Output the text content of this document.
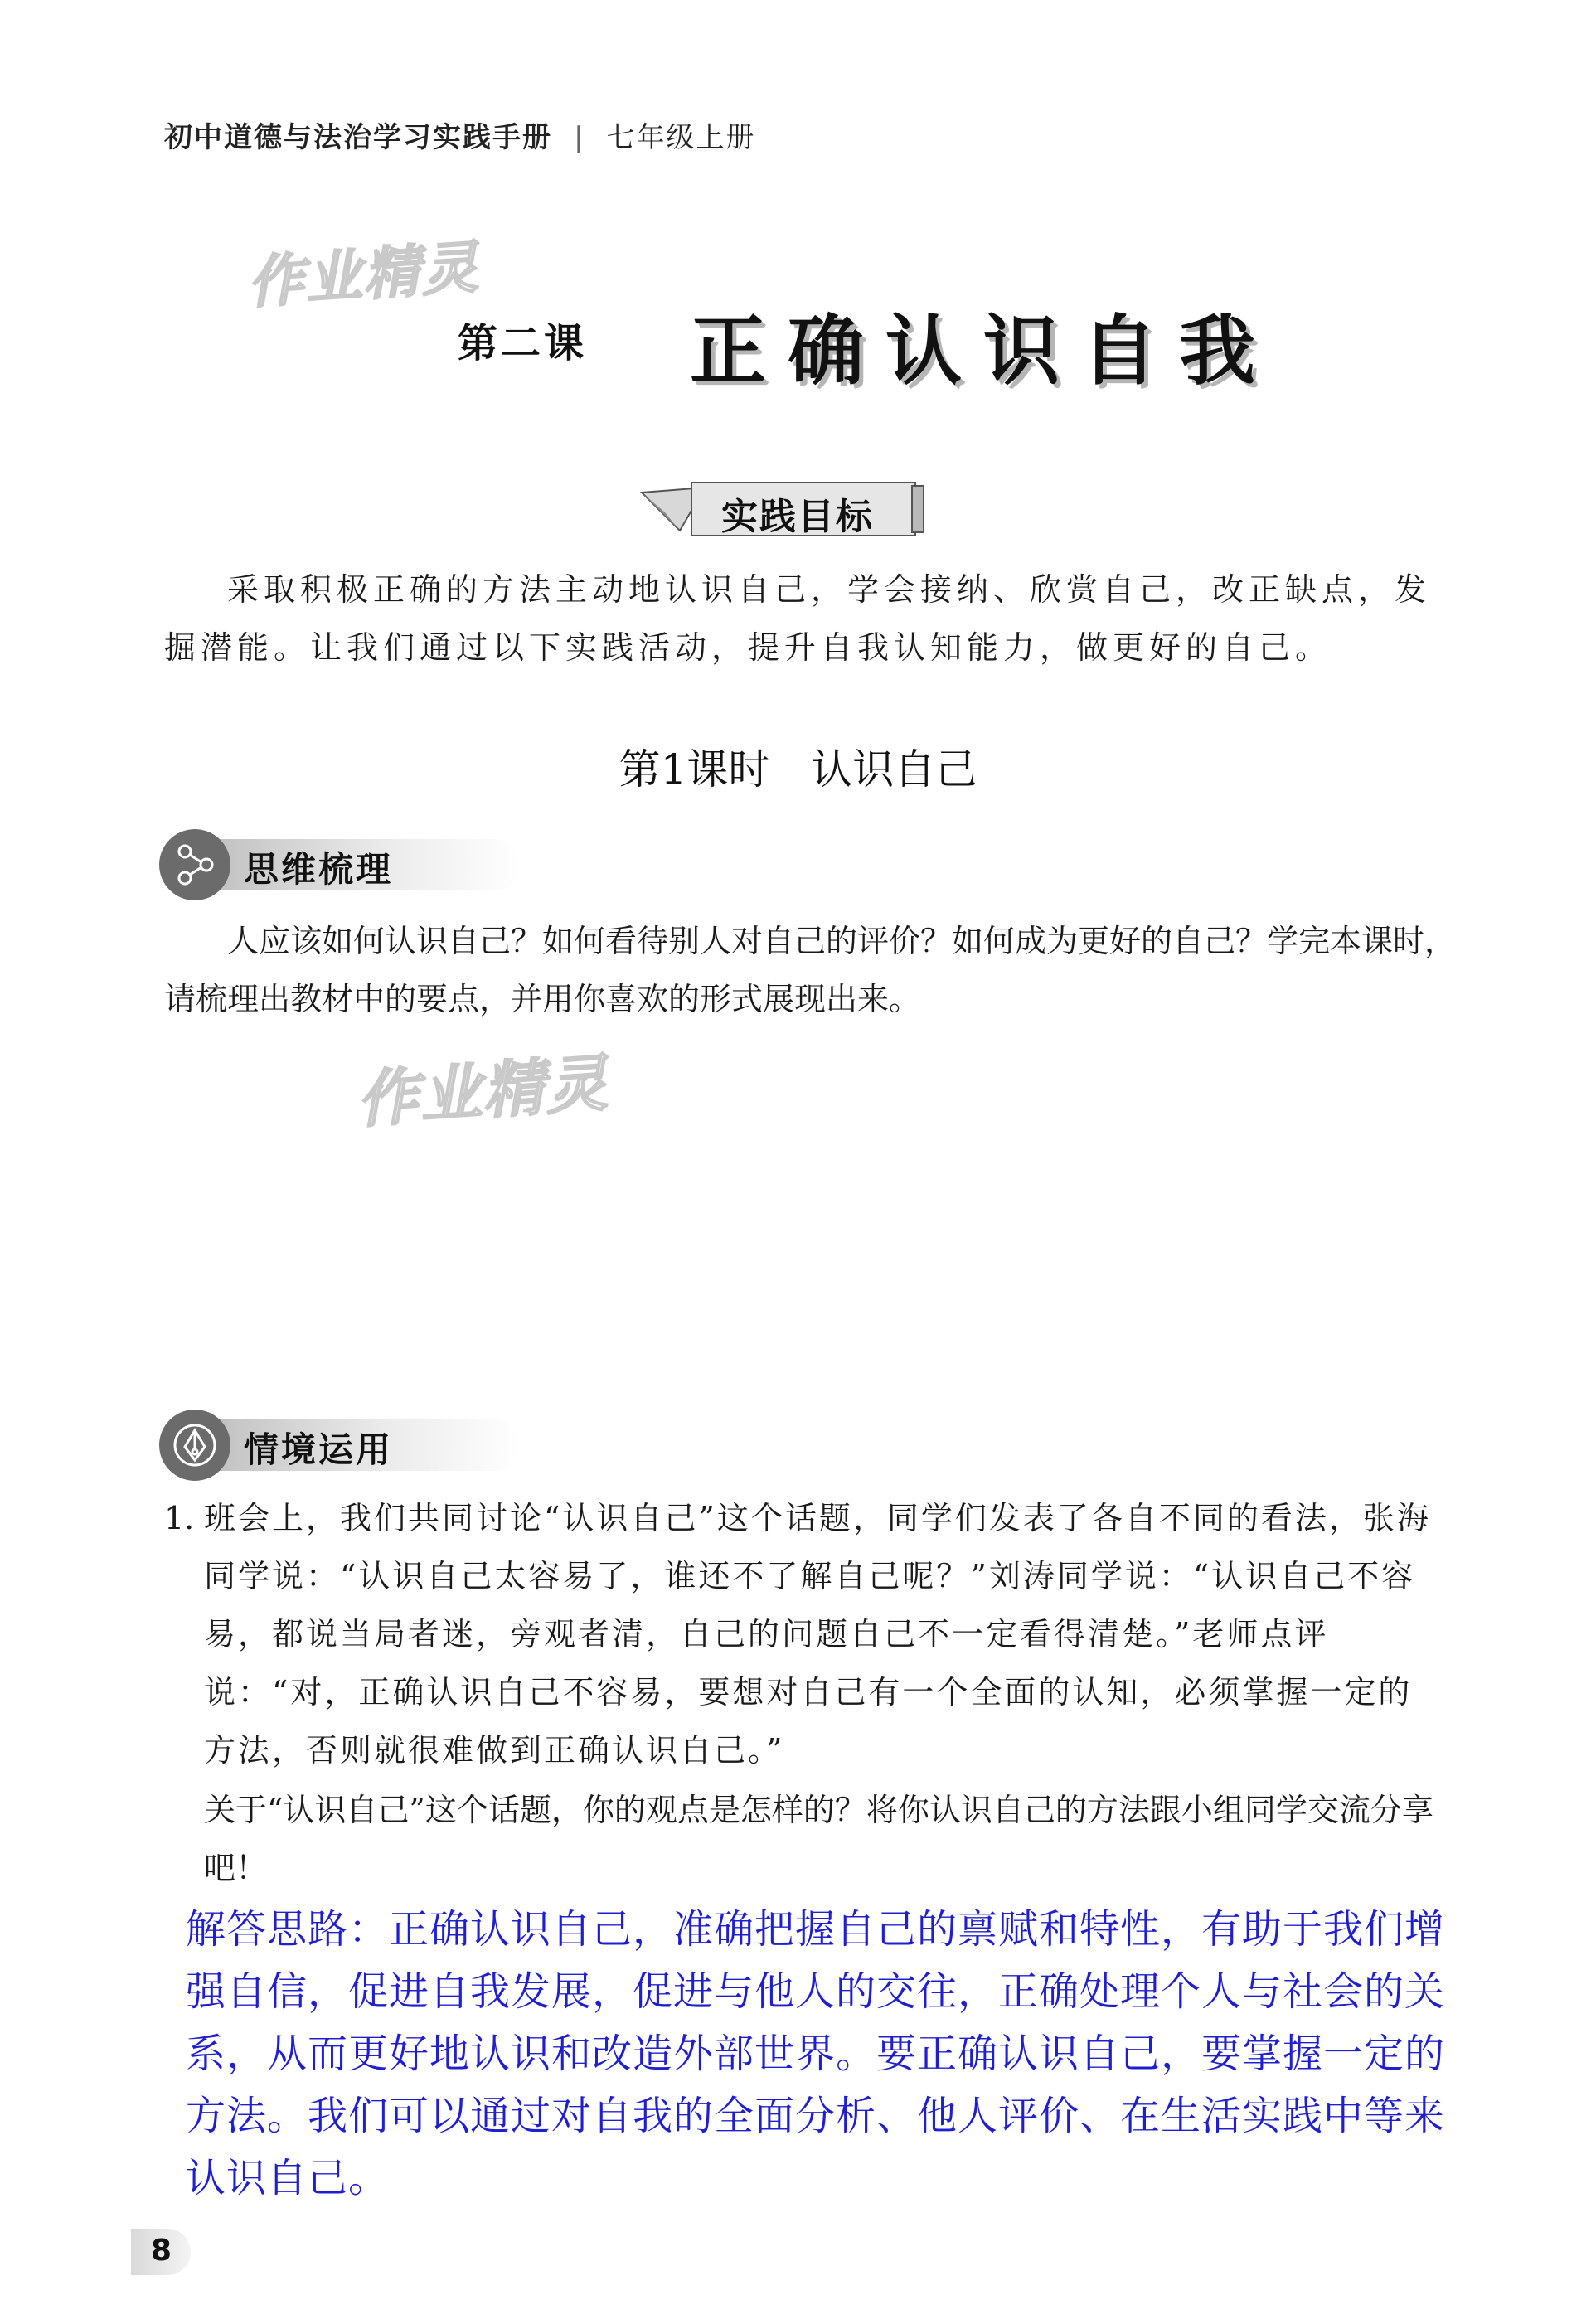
初中道德与法治学习实践手册 | 七年级上册
作业精灵
第二课 正确认识自我
实践目标
采取积极正确的方法主动地认识自己，学会接纳、欣赏自己，改正缺点，发掘潜能。让我们通过以下实践活动，提升自我认知能力，做更好的自己。
第1课时　认识自己
思维梳理
人应该如何认识自己？如何看待别人对自己的评价？如何成为更好的自己？学完本课时，请梳理出教材中的要点，并用你喜欢的形式展现出来。
作业精灵
情境运用
1. 班会上，我们共同讨论“认识自己”这个话题，同学们发表了各自不同的看法，张海同学说：“认识自己太容易了，谁还不了解自己呢？”刘涛同学说：“认识自己不容易，都说当局者迷，旁观者清，自己的问题自己不一定看得清楚。”老师点评说：“对，正确认识自己不容易，要想对自己有一个全面的认知，必须掌握一定的方法，否则就很难做到正确认识自己。”
关于“认识自己”这个话题，你的观点是怎样的？将你认识自己的方法跟小组同学交流分享吧！
解答思路：正确认识自己，准确把握自己的禀赋和特性，有助于我们增强自信，促进自我发展，促进与他人的交往，正确处理个人与社会的关系，从而更好地认识和改造外部世界。要正确认识自己，要掌握一定的方法。我们可以通过对自我的全面分析、他人评价、在生活实践中等来认识自己。
8
